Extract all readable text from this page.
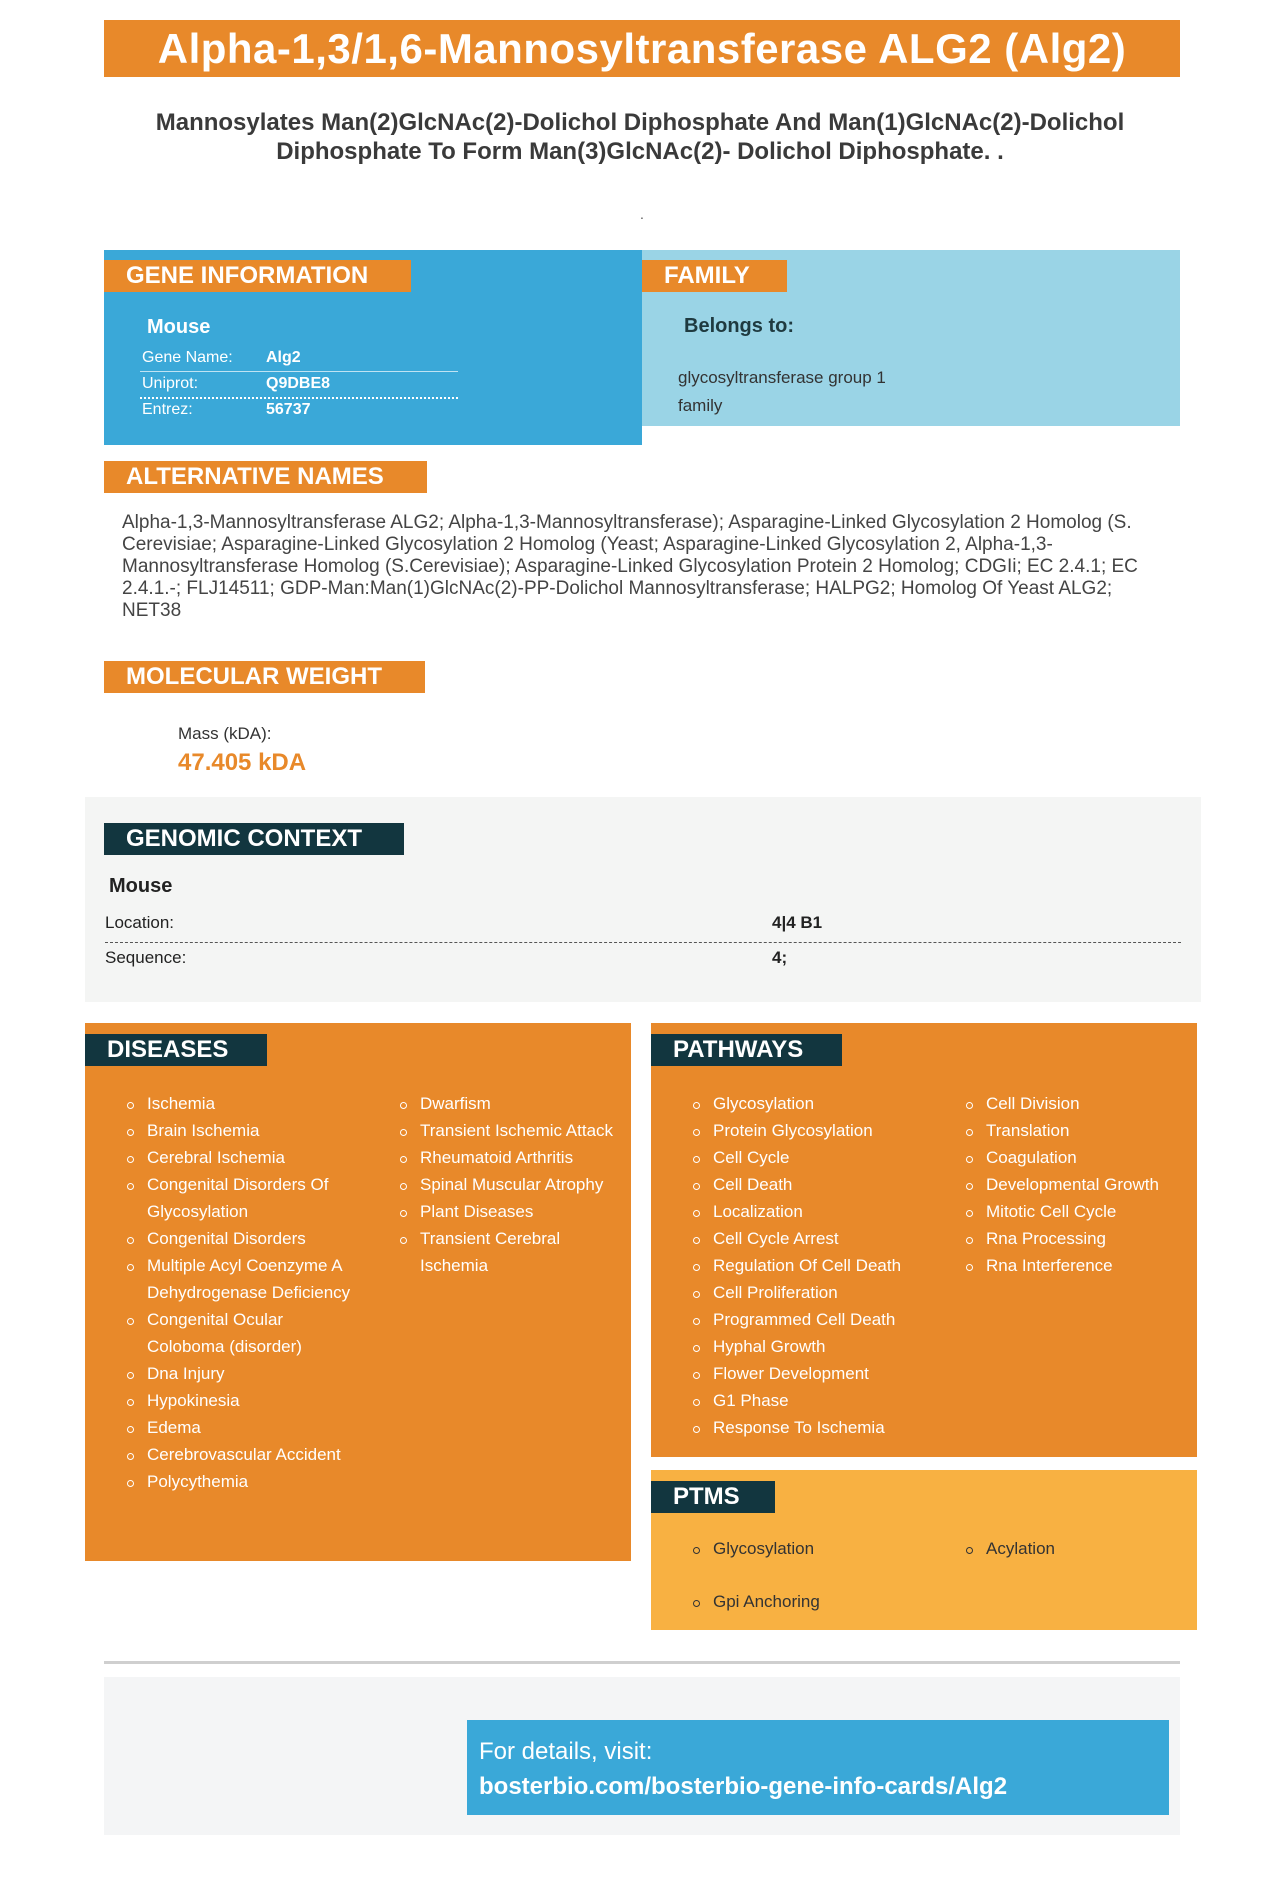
Alpha-1,3/1,6-Mannosyltransferase ALG2 (Alg2)
Mannosylates Man(2)GlcNAc(2)-Dolichol Diphosphate And Man(1)GlcNAc(2)-Dolichol Diphosphate To Form Man(3)GlcNAc(2)- Dolichol Diphosphate. .
.
Mouse
Gene Name: Alg2
Uniprot:	Q9DBE8
Entrez:	56737
GENE INFORMATION
Belongs to:
glycosyltransferase group 1 family
FAMILY
ALTERNATIVE NAMES
Alpha-1,3-Mannosyltransferase ALG2; Alpha-1,3-Mannosyltransferase); Asparagine-Linked Glycosylation 2 Homolog (S. Cerevisiae; Asparagine-Linked Glycosylation 2 Homolog (Yeast; Asparagine-Linked Glycosylation 2, Alpha-1,3-Mannosyltransferase Homolog (S.Cerevisiae); Asparagine-Linked Glycosylation Protein 2 Homolog; CDGIi; EC 2.4.1; EC 2.4.1.-; FLJ14511; GDP-Man:Man(1)GlcNAc(2)-PP-Dolichol Mannosyltransferase; HALPG2; Homolog Of Yeast ALG2; NET38
MOLECULAR WEIGHT
Mass (kDA):
47.405 kDA
Mouse
Location:	4|4 B1
Sequence:	4;
GENOMIC CONTEXT
Ischemia
Brain Ischemia
Cerebral Ischemia
Congenital Disorders Of Glycosylation
Congenital Disorders
Multiple Acyl Coenzyme A Dehydrogenase Deficiency
Congenital Ocular Coloboma (disorder)
Dna Injury
Hypokinesia
Edema
Cerebrovascular Accident
Polycythemia
Dwarfism
Transient Ischemic Attack
Rheumatoid Arthritis
Spinal Muscular Atrophy
Plant Diseases
Transient Cerebral Ischemia
DISEASES
Glycosylation
Protein Glycosylation
Cell Cycle
Cell Death
Localization
Cell Cycle Arrest
Regulation Of Cell Death
Cell Proliferation
Programmed Cell Death
Hyphal Growth
Flower Development
G1 Phase
Response To Ischemia
Cell Division
Translation
Coagulation
Developmental Growth
Mitotic Cell Cycle
Rna Processing
Rna Interference
PATHWAYS
Glycosylation
Gpi Anchoring
Acylation
PTMS
For details, visit:
bosterbio.com/bosterbio-gene-info-cards/Alg2
